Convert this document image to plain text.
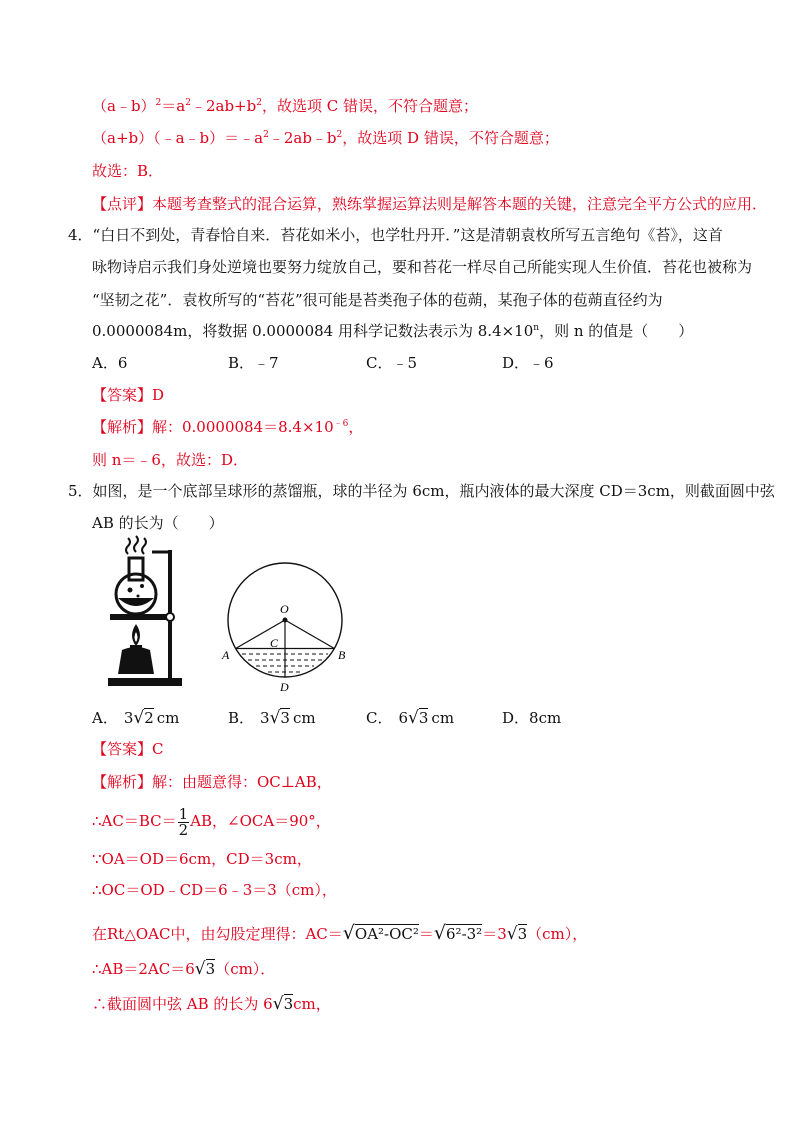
$(a﹣b)^2=a^2﹣2ab+b^2$，故选项 C 错误，不符合题意；
$(a+b)(﹣a﹣b)=﹣a^2﹣2ab﹣b^2$，故选项 D 错误，不符合题意；
故选：B．
【点评】本题考查整式的混合运算，熟练掌握运算法则是解答本题的关键，注意完全平方公式的应用．
4．“白日不到处，青春恰自来．苔花如米小，也学牡丹开．”这是清朝袁枚所写五言绝句《苔》，这首
咏物诗启示我们身处逆境也要努力绽放自己，要和苔花一样尽自己所能实现人生价值．苔花也被称为
“坚韧之花”．袁枚所写的“苔花”很可能是苔类孢子体的苞蒴，某孢子体的苞蒴直径约为
0.0000084m，将数据 0.0000084 用科学记数法表示为 $8.4\times 10^n$，则 n 的值是（　　）
A．6	B．﹣7	C．﹣5	D．﹣6
【答案】D
【解析】解：$0.0000084=8.4\times 10^{﹣6}$，
则 n＝﹣6，故选：D．
5．如图，是一个底部呈球形的蒸馏瓶，球的半径为 6cm，瓶内液体的最大深度 CD＝3cm，则截面圆中弦
AB 的长为（　　）
O
A	B
C
D
A． 3√2 cm	B． 3√3 cm	C． 6√3 cm	D．8cm
【答案】C
【解析】解：由题意得：OC⊥AB，
∴AC＝BC＝ $\frac{1}{2}$ AB，∠OCA＝90°，
∵OA＝OD＝6cm，CD＝3cm，
∴OC＝OD﹣CD＝6﹣3＝3（cm），
在Rt△OAC中，由勾股定理得：AC＝√OA²-OC²＝√6²-3²＝3√3（cm），
∴AB＝2AC＝6√3（cm）．
∴截面圆中弦 AB 的长为 6√3cm，
